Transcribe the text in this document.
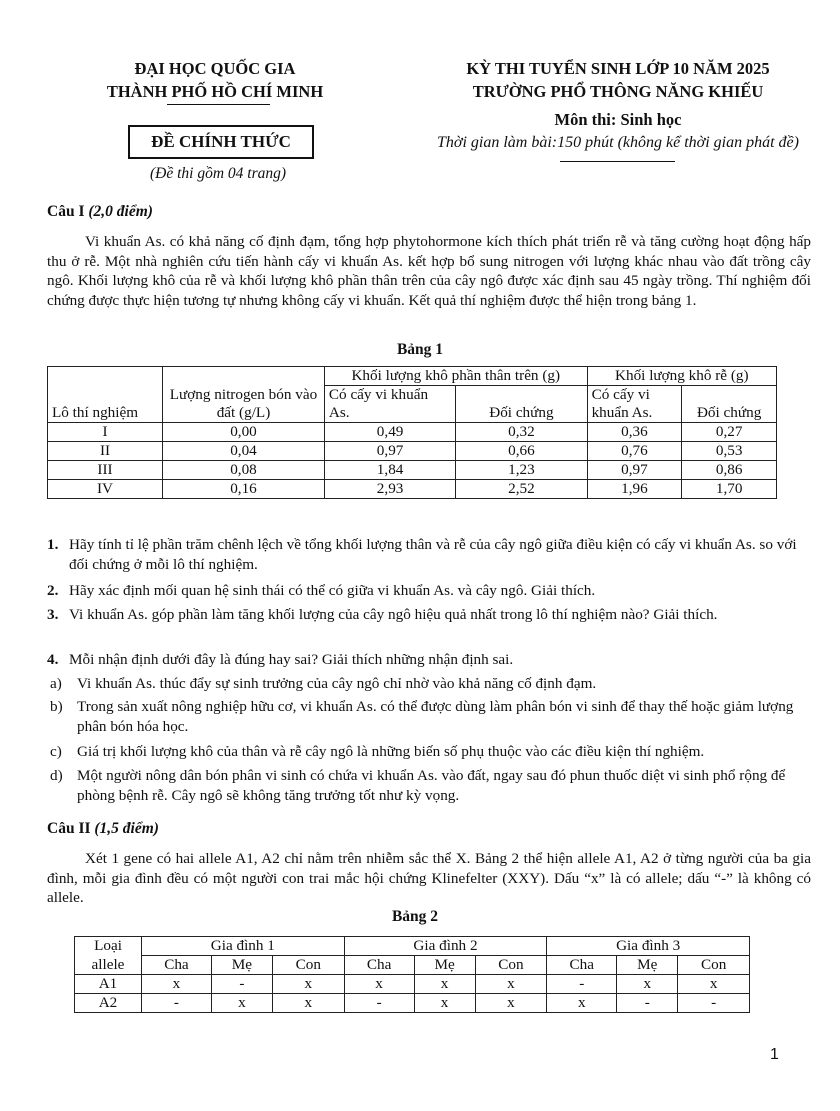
ĐẠI HỌC QUỐC GIA
THÀNH PHỐ HỒ CHÍ MINH
ĐỀ CHÍNH THỨC
(Đề thi gồm 04 trang)
KỲ THI TUYỂN SINH LỚP 10 NĂM 2025
TRƯỜNG PHỔ THÔNG NĂNG KHIẾU
Môn thi: Sinh học
Thời gian làm bài:150 phút (không kể thời gian phát đề)
Câu I (2,0 điểm)
Vi khuẩn As. có khả năng cố định đạm, tổng hợp phytohormone kích thích phát triển rễ và tăng cường hoạt động hấp thu ở rễ. Một nhà nghiên cứu tiến hành cấy vi khuẩn As. kết hợp bổ sung nitrogen với lượng khác nhau vào đất trồng cây ngô. Khối lượng khô của rễ và khối lượng khô phần thân trên của cây ngô được xác định sau 45 ngày trồng. Thí nghiệm đối chứng được thực hiện tương tự nhưng không cấy vi khuẩn. Kết quả thí nghiệm được thể hiện trong bảng 1.
Bảng 1
Lô thí nghiệm	Lượng nitrogen bón vào đất (g/L)	Khối lượng khô phần thân trên (g)		Khối lượng khô rễ (g)	
		Có cấy vi khuẩn As.	Đối chứng	Có cấy vi khuẩn As.	Đối chứng
I	0,00	0,49	0,32	0,36	0,27
II	0,04	0,97	0,66	0,76	0,53
III	0,08	1,84	1,23	0,97	0,86
IV	0,16	2,93	2,52	1,96	1,70
1. Hãy tính tỉ lệ phần trăm chênh lệch về tổng khối lượng thân và rễ của cây ngô giữa điều kiện có cấy vi khuẩn As. so với đối chứng ở mỗi lô thí nghiệm.
2. Hãy xác định mối quan hệ sinh thái có thể có giữa vi khuẩn As. và cây ngô. Giải thích.
3. Vi khuẩn As. góp phần làm tăng khối lượng của cây ngô hiệu quả nhất trong lô thí nghiệm nào? Giải thích.
4. Mỗi nhận định dưới đây là đúng hay sai? Giải thích những nhận định sai.
a) Vi khuẩn As. thúc đẩy sự sinh trưởng của cây ngô chỉ nhờ vào khả năng cố định đạm.
b) Trong sản xuất nông nghiệp hữu cơ, vi khuẩn As. có thể được dùng làm phân bón vi sinh để thay thế hoặc giảm lượng phân bón hóa học.
c) Giá trị khối lượng khô của thân và rễ cây ngô là những biến số phụ thuộc vào các điều kiện thí nghiệm.
d) Một người nông dân bón phân vi sinh có chứa vi khuẩn As. vào đất, ngay sau đó phun thuốc diệt vi sinh phổ rộng để phòng bệnh rễ. Cây ngô sẽ không tăng trưởng tốt như kỳ vọng.
Câu II (1,5 điểm)
Xét 1 gene có hai allele A1, A2 chỉ nằm trên nhiễm sắc thể X. Bảng 2 thể hiện allele A1, A2 ở từng người của ba gia đình, mỗi gia đình đều có một người con trai mắc hội chứng Klinefelter (XXY). Dấu “x” là có allele; dấu “-” là không có allele.
Bảng 2
Loại	Gia đình 1			Gia đình 2			Gia đình 3		
allele	Cha	Mẹ	Con	Cha	Mẹ	Con	Cha	Mẹ	Con
A1	x	-	x	x	x	x	-	x	x
A2	-	x	x	-	x	x	x	-	-
1
